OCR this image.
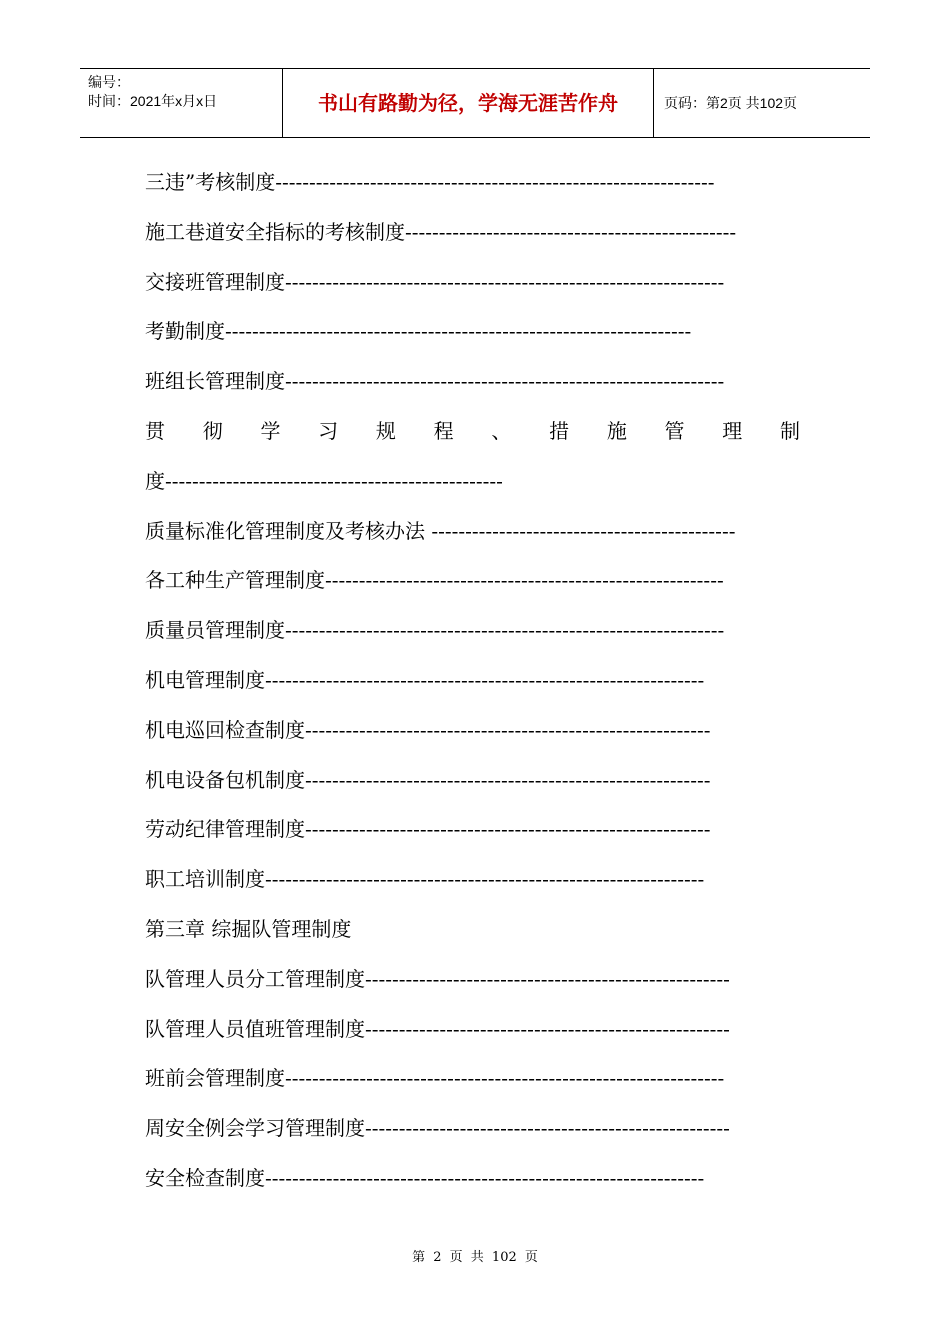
编号：
时间：2021年x月x日	书山有路勤为径，学海无涯苦作舟	页码：第2页 共102页
三违”考核制度-----------------------------------------------------------------
施工巷道安全指标的考核制度-------------------------------------------------
交接班管理制度-----------------------------------------------------------------
考勤制度---------------------------------------------------------------------
班组长管理制度-----------------------------------------------------------------
贯彻学习规程、措施管理制
度--------------------------------------------------
质量标准化管理制度及考核办法 ---------------------------------------------
各工种生产管理制度-----------------------------------------------------------
质量员管理制度-----------------------------------------------------------------
机电管理制度-----------------------------------------------------------------
机电巡回检查制度------------------------------------------------------------
机电设备包机制度------------------------------------------------------------
劳动纪律管理制度------------------------------------------------------------
职工培训制度-----------------------------------------------------------------
第三章 综掘队管理制度
队管理人员分工管理制度------------------------------------------------------
队管理人员值班管理制度------------------------------------------------------
班前会管理制度-----------------------------------------------------------------
周安全例会学习管理制度------------------------------------------------------
安全检查制度-----------------------------------------------------------------
第 2 页 共 102 页
